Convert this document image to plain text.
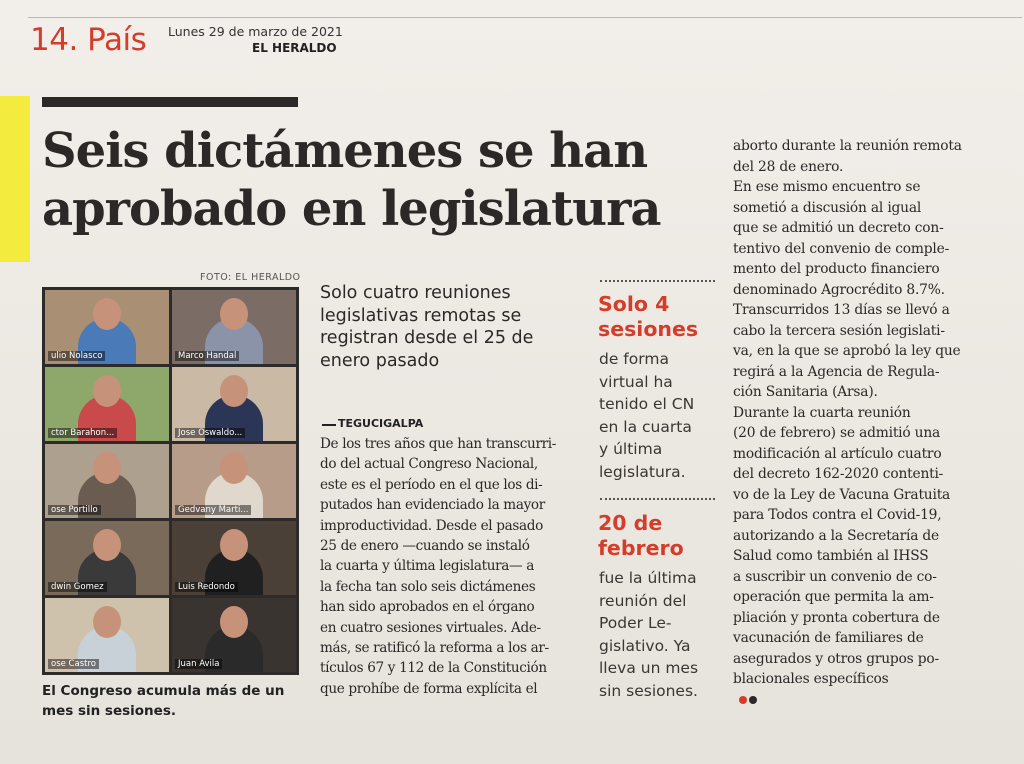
14. País Lunes 29 de marzo de 2021
EL HERALDO
Seis dictámenes se han
aprobado en legislatura
FOTO: EL HERALDO
ulio Nolasco	Marco Handal
ctor Barahon...	Jose Oswaldo...
ose Portillo	Gedvany Marti...
dwin Gomez	Luis Redondo
ose Castro	Juan Avila
El Congreso acumula más de un
mes sin sesiones.
Solo cuatro reuniones
legislativas remotas se
registran desde el 25 de
enero pasado
TEGUCIGALPA
De los tres años que han transcurri-
do del actual Congreso Nacional,
este es el período en el que los di-
putados han evidenciado la mayor
improductividad. Desde el pasado
25 de enero —cuando se instaló
la cuarta y última legislatura— a
la fecha tan solo seis dictámenes
han sido aprobados en el órgano
en cuatro sesiones virtuales. Ade-
más, se ratificó la reforma a los ar-
tículos 67 y 112 de la Constitución
que prohíbe de forma explícita el
Solo 4
sesiones
de forma
virtual ha
tenido el CN
en la cuarta
y última
legislatura.
20 de
febrero
fue la última
reunión del
Poder Le-
gislativo. Ya
lleva un mes
sin sesiones.
aborto durante la reunión remota
del 28 de enero.
En ese mismo encuentro se
sometió a discusión al igual
que se admitió un decreto con-
tentivo del convenio de comple-
mento del producto financiero
denominado Agrocrédito 8.7%.
Transcurridos 13 días se llevó a
cabo la tercera sesión legislati-
va, en la que se aprobó la ley que
regirá a la Agencia de Regula-
ción Sanitaria (Arsa).
Durante la cuarta reunión
(20 de febrero) se admitió una
modificación al artículo cuatro
del decreto 162-2020 contenti-
vo de la Ley de Vacuna Gratuita
para Todos contra el Covid-19,
autorizando a la Secretaría de
Salud como también al IHSS
a suscribir un convenio de co-
operación que permita la am-
pliación y pronta cobertura de
vacunación de familiares de
asegurados y otros grupos po-
blacionales específicos
